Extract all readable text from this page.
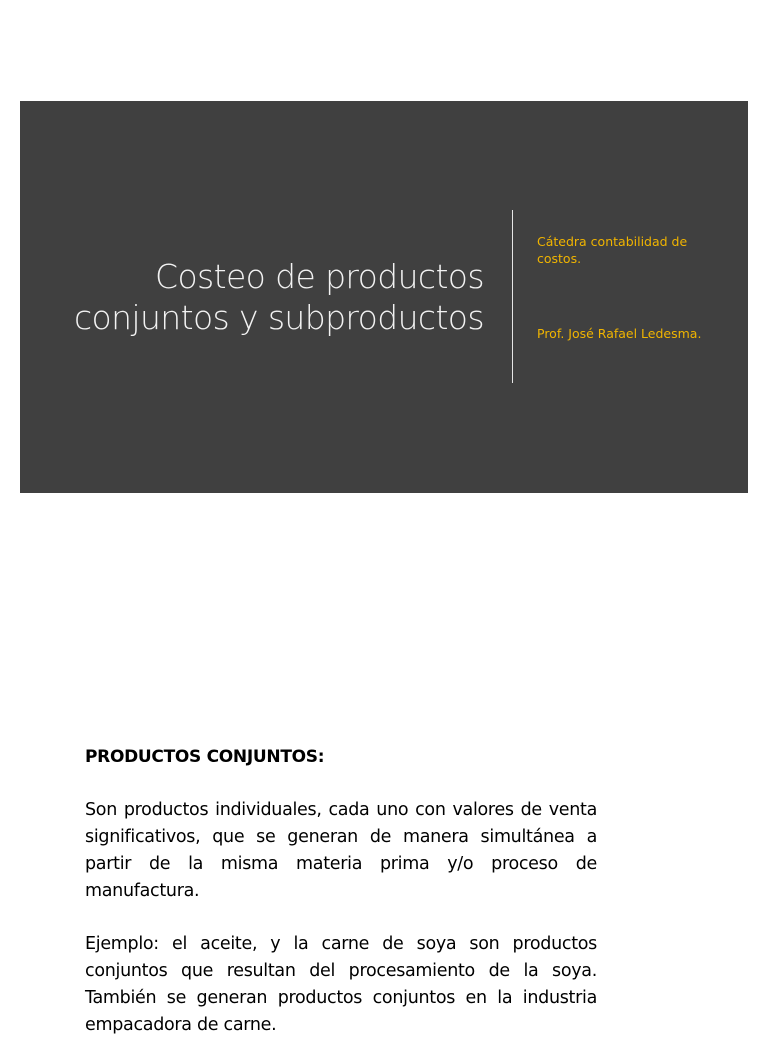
Costeo de productos
conjuntos y subproductos
Cátedra contabilidad de costos.
Prof. José Rafael Ledesma.
PRODUCTOS CONJUNTOS:

Son productos individuales, cada uno con valores de venta significativos, que se generan de manera simultánea a partir de la misma materia prima y/o proceso de manufactura.

Ejemplo: el aceite, y la carne de soya son productos conjuntos que resultan del procesamiento de la soya. También se generan productos conjuntos en la industria empacadora de carne.
